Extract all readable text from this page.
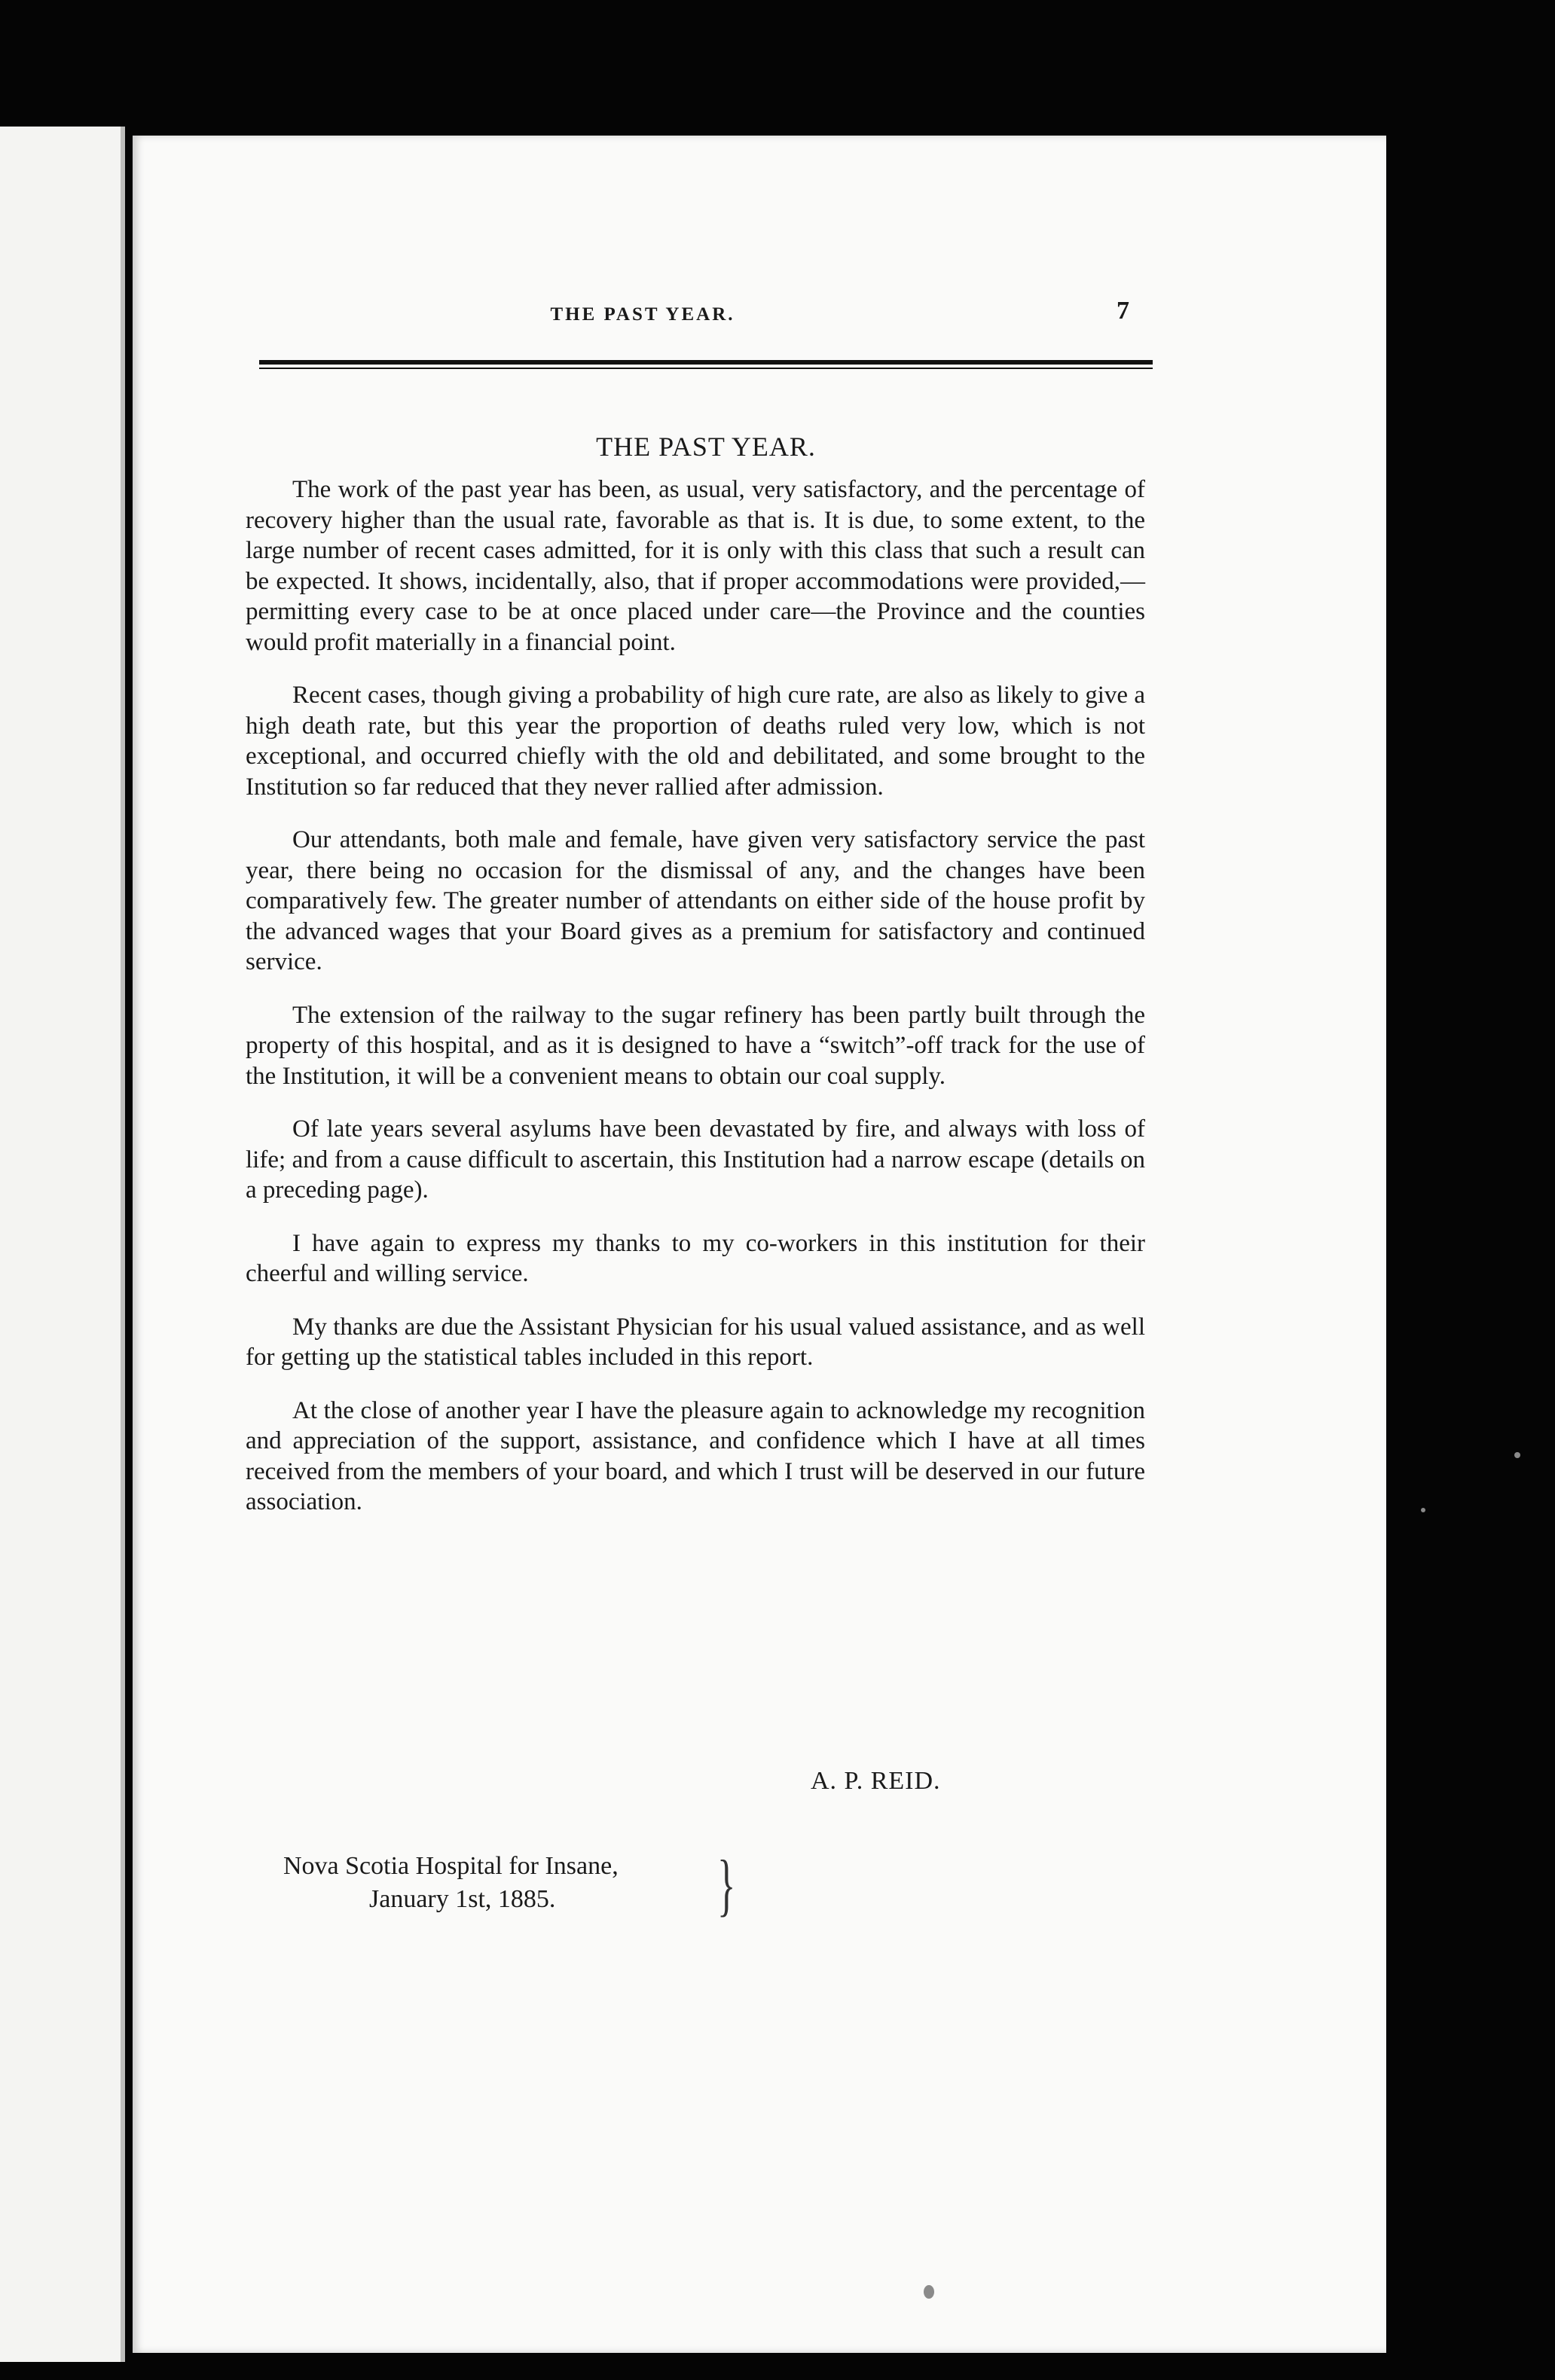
THE PAST YEAR.	7
THE PAST YEAR.

The work of the past year has been, as usual, very satisfactory, and the percentage of recovery higher than the usual rate, favorable as that is. It is due, to some extent, to the large number of recent cases admitted, for it is only with this class that such a result can be expected. It shows, incidentally, also, that if proper accommodations were provided,—permitting every case to be at once placed under care—the Province and the counties would profit materially in a financial point.

Recent cases, though giving a probability of high cure rate, are also as likely to give a high death rate, but this year the proportion of deaths ruled very low, which is not exceptional, and occurred chiefly with the old and debilitated, and some brought to the Institution so far reduced that they never rallied after admission.

Our attendants, both male and female, have given very satisfactory service the past year, there being no occasion for the dismissal of any, and the changes have been comparatively few. The greater number of attendants on either side of the house profit by the advanced wages that your Board gives as a premium for satisfactory and continued service.

The extension of the railway to the sugar refinery has been partly built through the property of this hospital, and as it is designed to have a “switch”-off track for the use of the Institution, it will be a convenient means to obtain our coal supply.

Of late years several asylums have been devastated by fire, and always with loss of life; and from a cause difficult to ascertain, this Institution had a narrow escape (details on a preceding page).

I have again to express my thanks to my co-workers in this institution for their cheerful and willing service.

My thanks are due the Assistant Physician for his usual valued assistance, and as well for getting up the statistical tables included in this report.

At the close of another year I have the pleasure again to acknowledge my recognition and appreciation of the support, assistance, and confidence which I have at all times received from the members of your board, and which I trust will be deserved in our future association.

A. P. REID.
Nova Scotia Hospital for Insane,
January 1st, 1885.	}
